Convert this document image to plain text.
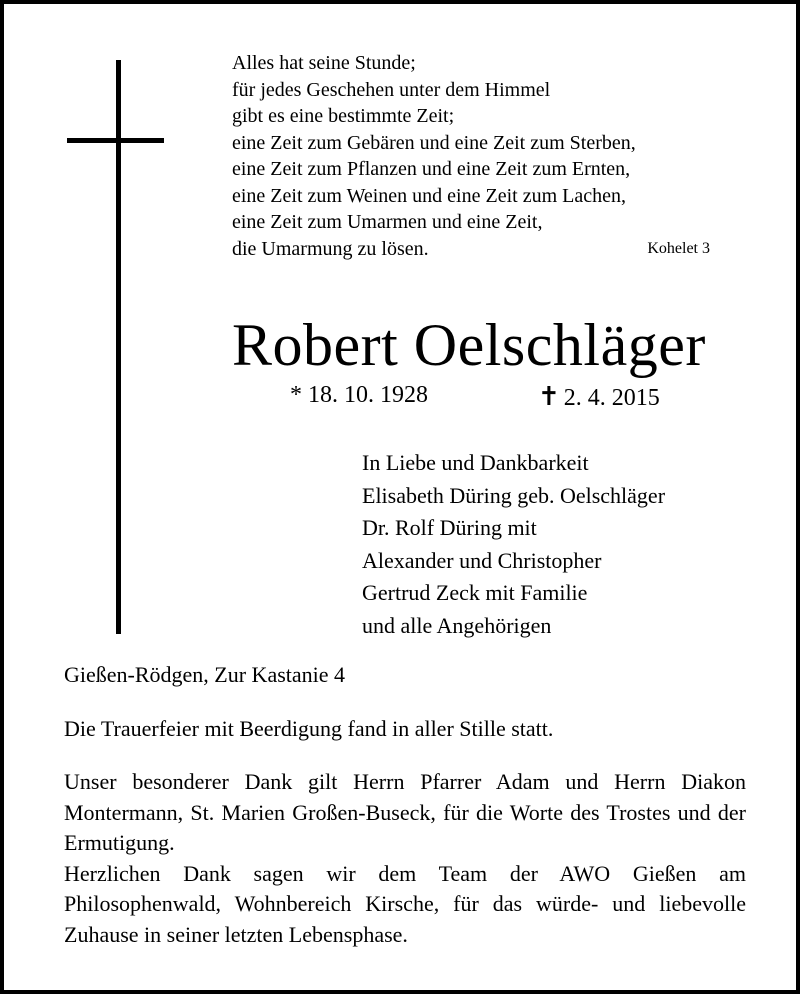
Alles hat seine Stunde;
für jedes Geschehen unter dem Himmel
gibt es eine bestimmte Zeit;
eine Zeit zum Gebären und eine Zeit zum Sterben,
eine Zeit zum Pflanzen und eine Zeit zum Ernten,
eine Zeit zum Weinen und eine Zeit zum Lachen,
eine Zeit zum Umarmen und eine Zeit,
die Umarmung zu lösen.	Kohelet 3
Robert Oelschläger
* 18. 10. 1928	✝ 2. 4. 2015
In Liebe und Dankbarkeit
Elisabeth Düring geb. Oelschläger
Dr. Rolf Düring mit
Alexander und Christopher
Gertrud Zeck mit Familie
und alle Angehörigen
Gießen-Rödgen, Zur Kastanie 4
Die Trauerfeier mit Beerdigung fand in aller Stille statt.

Unser besonderer Dank gilt Herrn Pfarrer Adam und Herrn Diakon Montermann, St. Marien Großen-Buseck, für die Worte des Trostes und der Ermutigung.

Herzlichen Dank sagen wir dem Team der AWO Gießen am Philosophenwald, Wohnbereich Kirsche, für das würde- und liebevolle Zuhause in seiner letzten Lebensphase.
